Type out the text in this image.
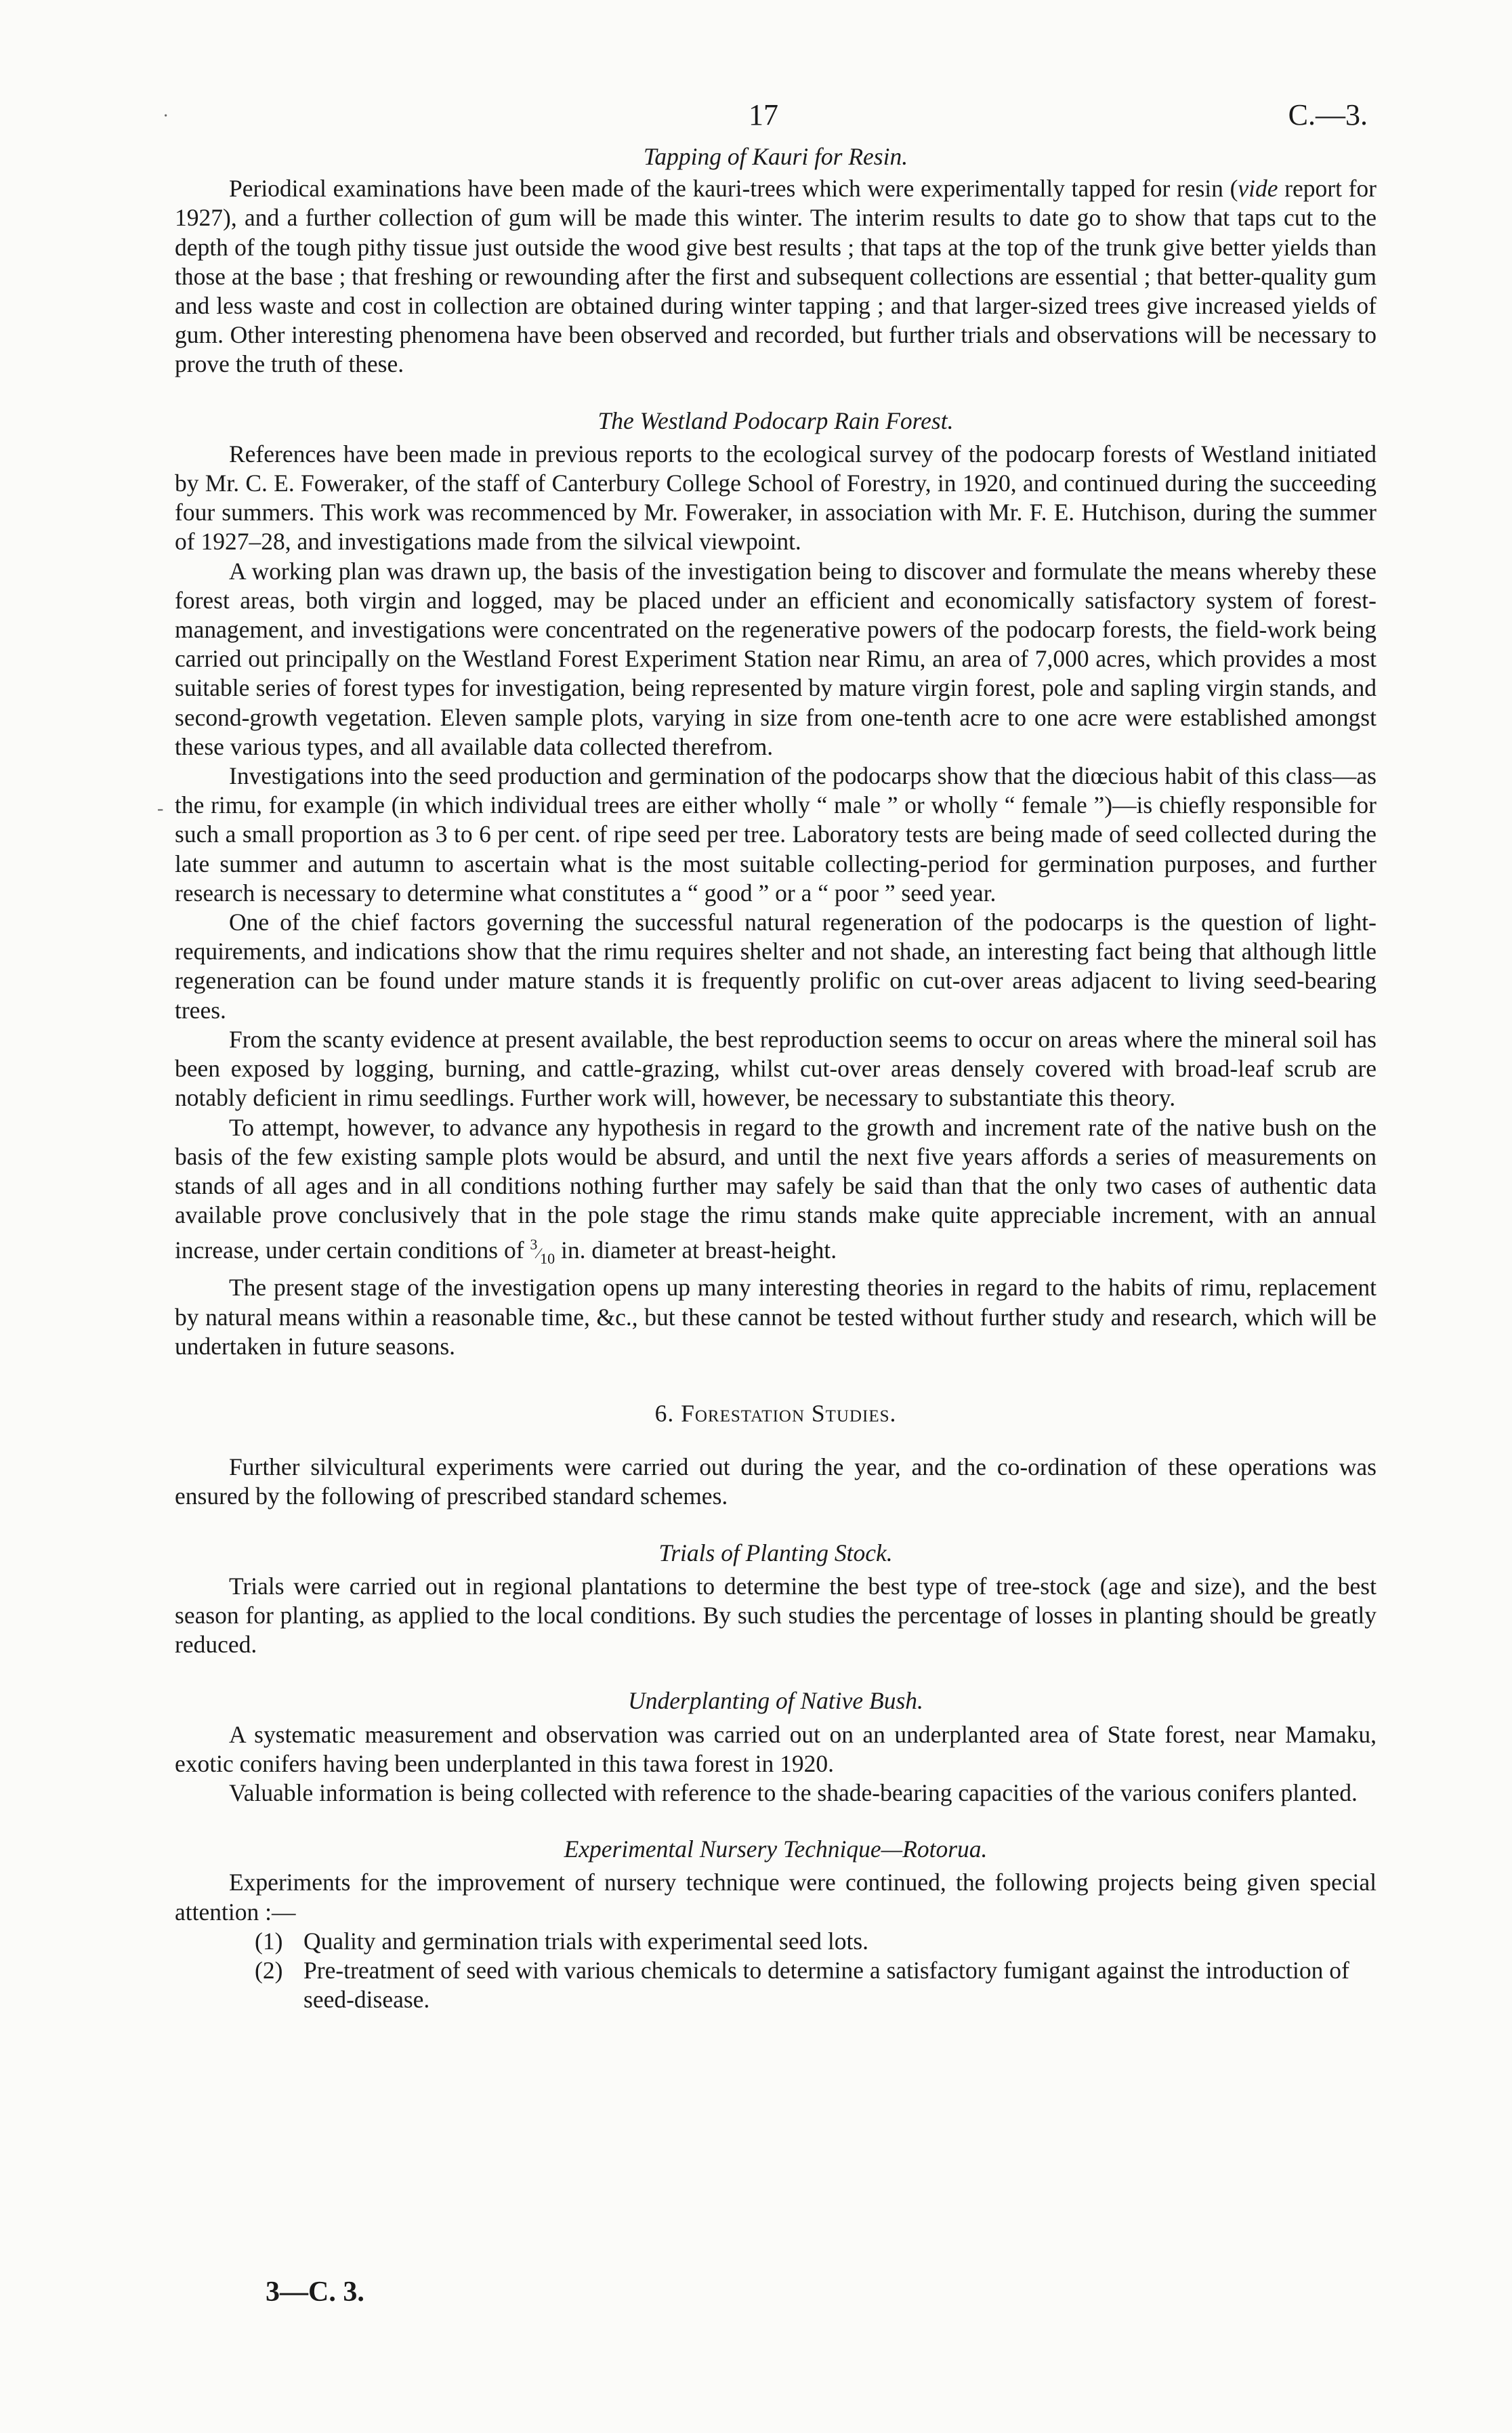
17	C.—3.
Tapping of Kauri for Resin.

Periodical examinations have been made of the kauri-trees which were experimentally tapped for resin (vide report for 1927), and a further collection of gum will be made this winter. The interim results to date go to show that taps cut to the depth of the tough pithy tissue just outside the wood give best results ; that taps at the top of the trunk give better yields than those at the base ; that freshing or rewounding after the first and subsequent collections are essential ; that better-quality gum and less waste and cost in collection are obtained during winter tapping ; and that larger-sized trees give increased yields of gum. Other interesting phenomena have been observed and recorded, but further trials and observations will be necessary to prove the truth of these.

The Westland Podocarp Rain Forest.

References have been made in previous reports to the ecological survey of the podocarp forests of Westland initiated by Mr. C. E. Foweraker, of the staff of Canterbury College School of Forestry, in 1920, and continued during the succeeding four summers. This work was recommenced by Mr. Foweraker, in association with Mr. F. E. Hutchison, during the summer of 1927–28, and investigations made from the silvical viewpoint.

A working plan was drawn up, the basis of the investigation being to discover and formulate the means whereby these forest areas, both virgin and logged, may be placed under an efficient and economically satisfactory system of forest-management, and investigations were concentrated on the regenerative powers of the podocarp forests, the field-work being carried out principally on the Westland Forest Experiment Station near Rimu, an area of 7,000 acres, which provides a most suitable series of forest types for investigation, being represented by mature virgin forest, pole and sapling virgin stands, and second-growth vegetation. Eleven sample plots, varying in size from one-tenth acre to one acre were established amongst these various types, and all available data collected therefrom.

Investigations into the seed production and germination of the podocarps show that the diœcious habit of this class—as the rimu, for example (in which individual trees are either wholly “ male ” or wholly “ female ”)—is chiefly responsible for such a small proportion as 3 to 6 per cent. of ripe seed per tree. Laboratory tests are being made of seed collected during the late summer and autumn to ascertain what is the most suitable collecting-period for germination purposes, and further research is necessary to determine what constitutes a “ good ” or a “ poor ” seed year.

One of the chief factors governing the successful natural regeneration of the podocarps is the question of light-requirements, and indications show that the rimu requires shelter and not shade, an interesting fact being that although little regeneration can be found under mature stands it is frequently prolific on cut-over areas adjacent to living seed-bearing trees.

From the scanty evidence at present available, the best reproduction seems to occur on areas where the mineral soil has been exposed by logging, burning, and cattle-grazing, whilst cut-over areas densely covered with broad-leaf scrub are notably deficient in rimu seedlings. Further work will, however, be necessary to substantiate this theory.

To attempt, however, to advance any hypothesis in regard to the growth and increment rate of the native bush on the basis of the few existing sample plots would be absurd, and until the next five years affords a series of measurements on stands of all ages and in all conditions nothing further may safely be said than that the only two cases of authentic data available prove conclusively that in the pole stage the rimu stands make quite appreciable increment, with an annual increase, under certain conditions of $^3⁄_{10}$ in. diameter at breast-height.

The present stage of the investigation opens up many interesting theories in regard to the habits of rimu, replacement by natural means within a reasonable time, &c., but these cannot be tested without further study and research, which will be undertaken in future seasons.

6. Forestation Studies.

Further silvicultural experiments were carried out during the year, and the co-ordination of these operations was ensured by the following of prescribed standard schemes.

Trials of Planting Stock.

Trials were carried out in regional plantations to determine the best type of tree-stock (age and size), and the best season for planting, as applied to the local conditions. By such studies the percentage of losses in planting should be greatly reduced.

Underplanting of Native Bush.

A systematic measurement and observation was carried out on an underplanted area of State forest, near Mamaku, exotic conifers having been underplanted in this tawa forest in 1920.

Valuable information is being collected with reference to the shade-bearing capacities of the various conifers planted.

Experimental Nursery Technique—Rotorua.

Experiments for the improvement of nursery technique were continued, the following projects being given special attention :—

(1) Quality and germination trials with experimental seed lots.
(2) Pre-treatment of seed with various chemicals to determine a satisfactory fumigant against the introduction of seed-disease.
3—C. 3.
·
-
